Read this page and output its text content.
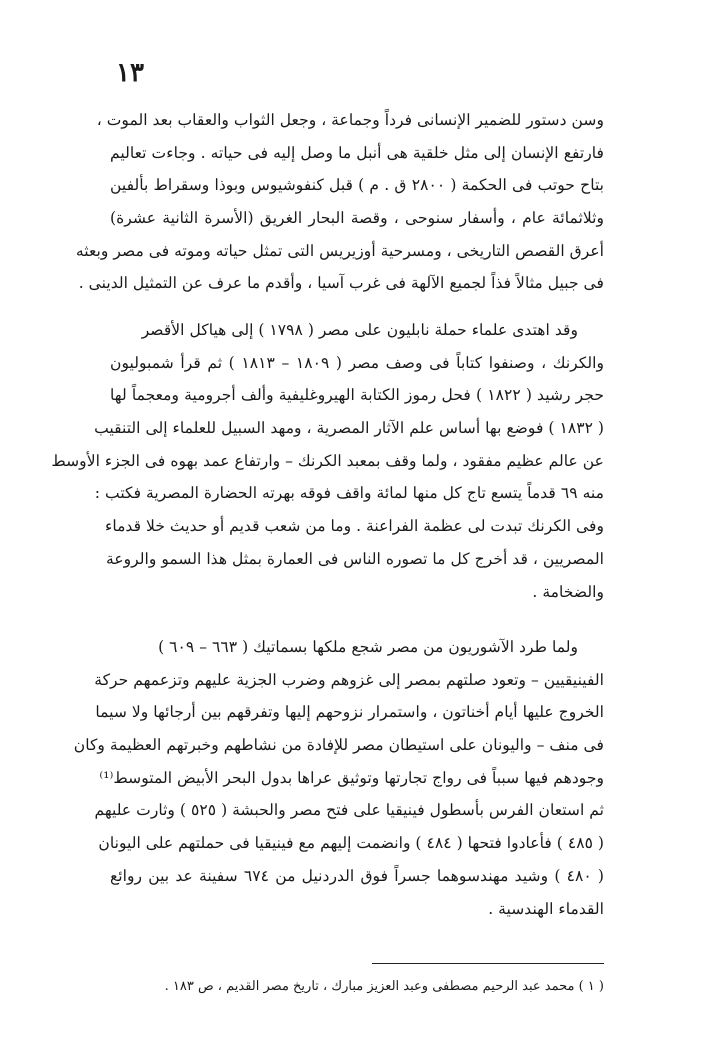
١٣
وسن دستور للضمير الإنسانى فرداً وجماعة ، وجعل الثواب والعقاب بعد الموت ،
فارتفع الإنسان إلى مثل خلقية هى أنبل ما وصل إليه فى حياته . وجاءت تعاليم
بتاح حوتب فى الحكمة ( ٢٨٠٠ ق . م ) قبل كنفوشيوس وبوذا وسقراط بألفين
وثلاثمائة عام ، وأسفار سنوحى ، وقصة البحار الغريق (الأسرة الثانية عشرة)
أعرق القصص التاريخى ، ومسرحية أوزيريس التى تمثل حياته وموته فى مصر وبعثه
فى جبيل مثالاً فذاً لجميع الآلهة فى غرب آسيا ، وأقدم ما عرف عن التمثيل الدينى .
وقد اهتدى علماء حملة نابليون على مصر ( ١٧٩٨ ) إلى هياكل الأقصر
والكرنك ، وصنفوا كتاباً فى وصف مصر ( ١٨٠٩ – ١٨١٣ ) ثم قرأ شمبوليون
حجر رشيد ( ١٨٢٢ ) فحل رموز الكتابة الهيروغليفية وألف أجرومية ومعجماً لها
( ١٨٣٢ ) فوضع بها أساس علم الآثار المصرية ، ومهد السبيل للعلماء إلى التنقيب
عن عالم عظيم مفقود ، ولما وقف بمعبد الكرنك – وارتفاع عمد بهوه فى الجزء الأوسط
منه ٦٩ قدماً يتسع تاج كل منها لمائة واقف فوقه بهرته الحضارة المصرية فكتب :
وفى الكرنك تبدت لى عظمة الفراعنة . وما من شعب قديم أو حديث خلا قدماء
المصريين ، قد أخرج كل ما تصوره الناس فى العمارة بمثل هذا السمو والروعة
والضخامة .
ولما طرد الآشوريون من مصر شجع ملكها بسماتيك ( ٦٦٣ – ٦٠٩ )
الفينيقيين – وتعود صلتهم بمصر إلى غزوهم وضرب الجزية عليهم وتزعمهم حركة
الخروج عليها أيام أخناتون ، واستمرار نزوحهم إليها وتفرقهم بين أرجائها ولا سيما
فى منف – واليونان على استيطان مصر للإفادة من نشاطهم وخبرتهم العظيمة وكان
وجودهم فيها سبباً فى رواج تجارتها وتوثيق عراها بدول البحر الأبيض المتوسط⁽¹⁾
ثم استعان الفرس بأسطول فينيقيا على فتح مصر والحبشة ( ٥٢٥ ) وثارت عليهم
( ٤٨٥ ) فأعادوا فتحها ( ٤٨٤ ) وانضمت إليهم مع فينيقيا فى حملتهم على اليونان
( ٤٨٠ ) وشيد مهندسوهما جسراً فوق الدردنيل من ٦٧٤ سفينة عد بين روائع
القدماء الهندسية .
( ١ ) محمد عبد الرحيم مصطفى وعبد العزيز مبارك ، تاريخ مصر القديم ، ص ١٨٣ .
